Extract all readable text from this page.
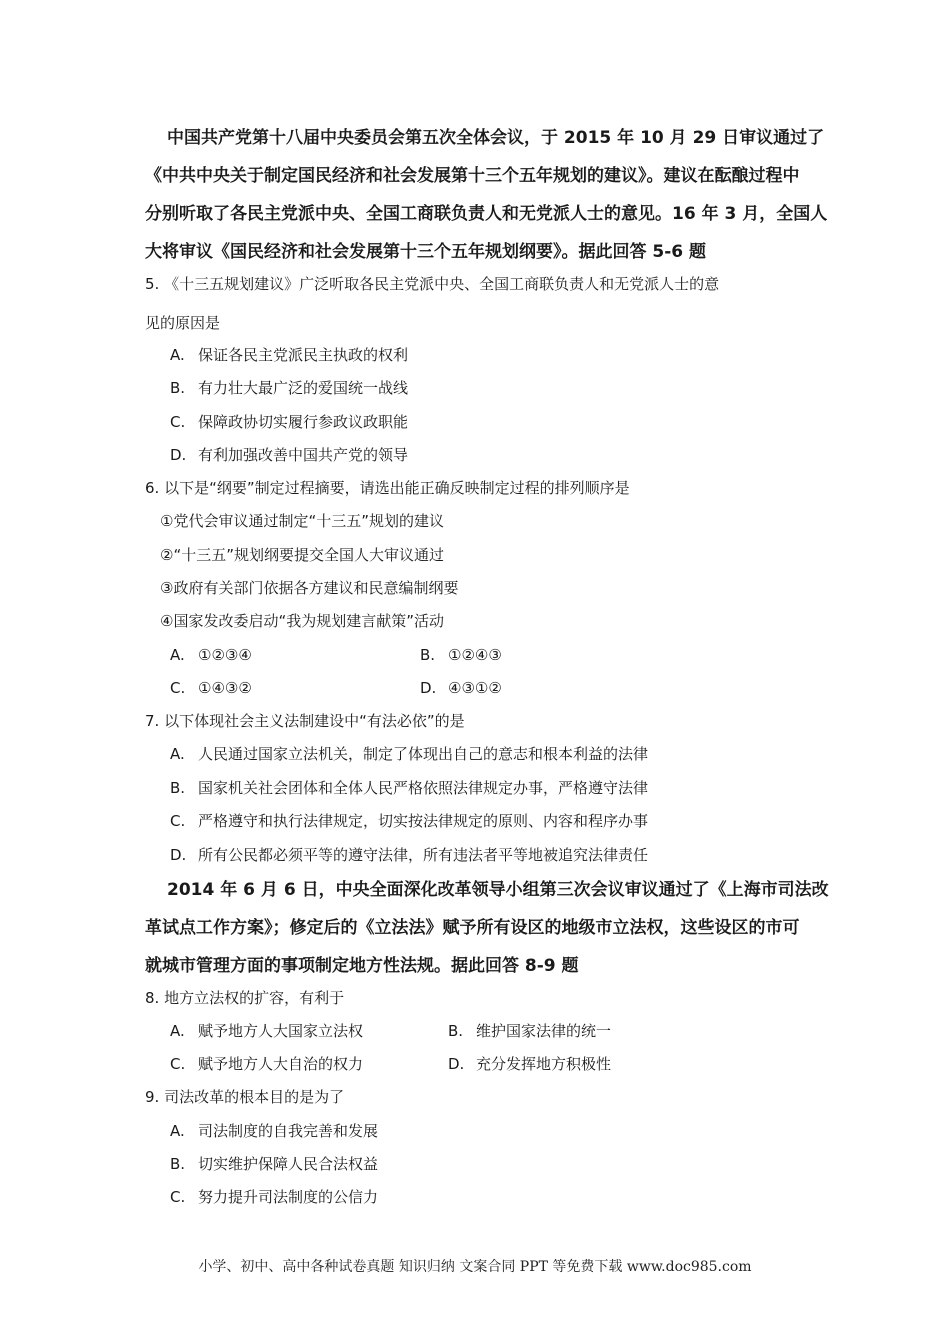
中国共产党第十八届中央委员会第五次全体会议，于 2015 年 10 月 29 日审议通过了
《中共中央关于制定国民经济和社会发展第十三个五年规划的建议》。建议在酝酿过程中
分别听取了各民主党派中央、全国工商联负责人和无党派人士的意见。16 年 3 月，全国人
大将审议《国民经济和社会发展第十三个五年规划纲要》。据此回答 5-6 题
5. 《十三五规划建议》广泛听取各民主党派中央、全国工商联负责人和无党派人士的意
见的原因是
A. 保证各民主党派民主执政的权利
B. 有力壮大最广泛的爱国统一战线
C. 保障政协切实履行参政议政职能
D. 有利加强改善中国共产党的领导
6. 以下是“纲要”制定过程摘要，请选出能正确反映制定过程的排列顺序是
①党代会审议通过制定“十三五”规划的建议
②“十三五”规划纲要提交全国人大审议通过
③政府有关部门依据各方建议和民意编制纲要
④国家发改委启动“我为规划建言献策”活动
A. ①②③④	B. ①②④③
C. ①④③②	D. ④③①②
7. 以下体现社会主义法制建设中“有法必依”的是
A. 人民通过国家立法机关，制定了体现出自己的意志和根本利益的法律
B. 国家机关社会团体和全体人民严格依照法律规定办事，严格遵守法律
C. 严格遵守和执行法律规定，切实按法律规定的原则、内容和程序办事
D. 所有公民都必须平等的遵守法律，所有违法者平等地被追究法律责任
2014 年 6 月 6 日，中央全面深化改革领导小组第三次会议审议通过了《上海市司法改
革试点工作方案》；修定后的《立法法》赋予所有设区的地级市立法权，这些设区的市可
就城市管理方面的事项制定地方性法规。据此回答 8-9 题
8. 地方立法权的扩容，有利于
A. 赋予地方人大国家立法权	B. 维护国家法律的统一
C. 赋予地方人大自治的权力	D. 充分发挥地方积极性
9. 司法改革的根本目的是为了
A. 司法制度的自我完善和发展
B. 切实维护保障人民合法权益
C. 努力提升司法制度的公信力
小学、初中、高中各种试卷真题 知识归纳 文案合同 PPT 等免费下载 www.doc985.com
